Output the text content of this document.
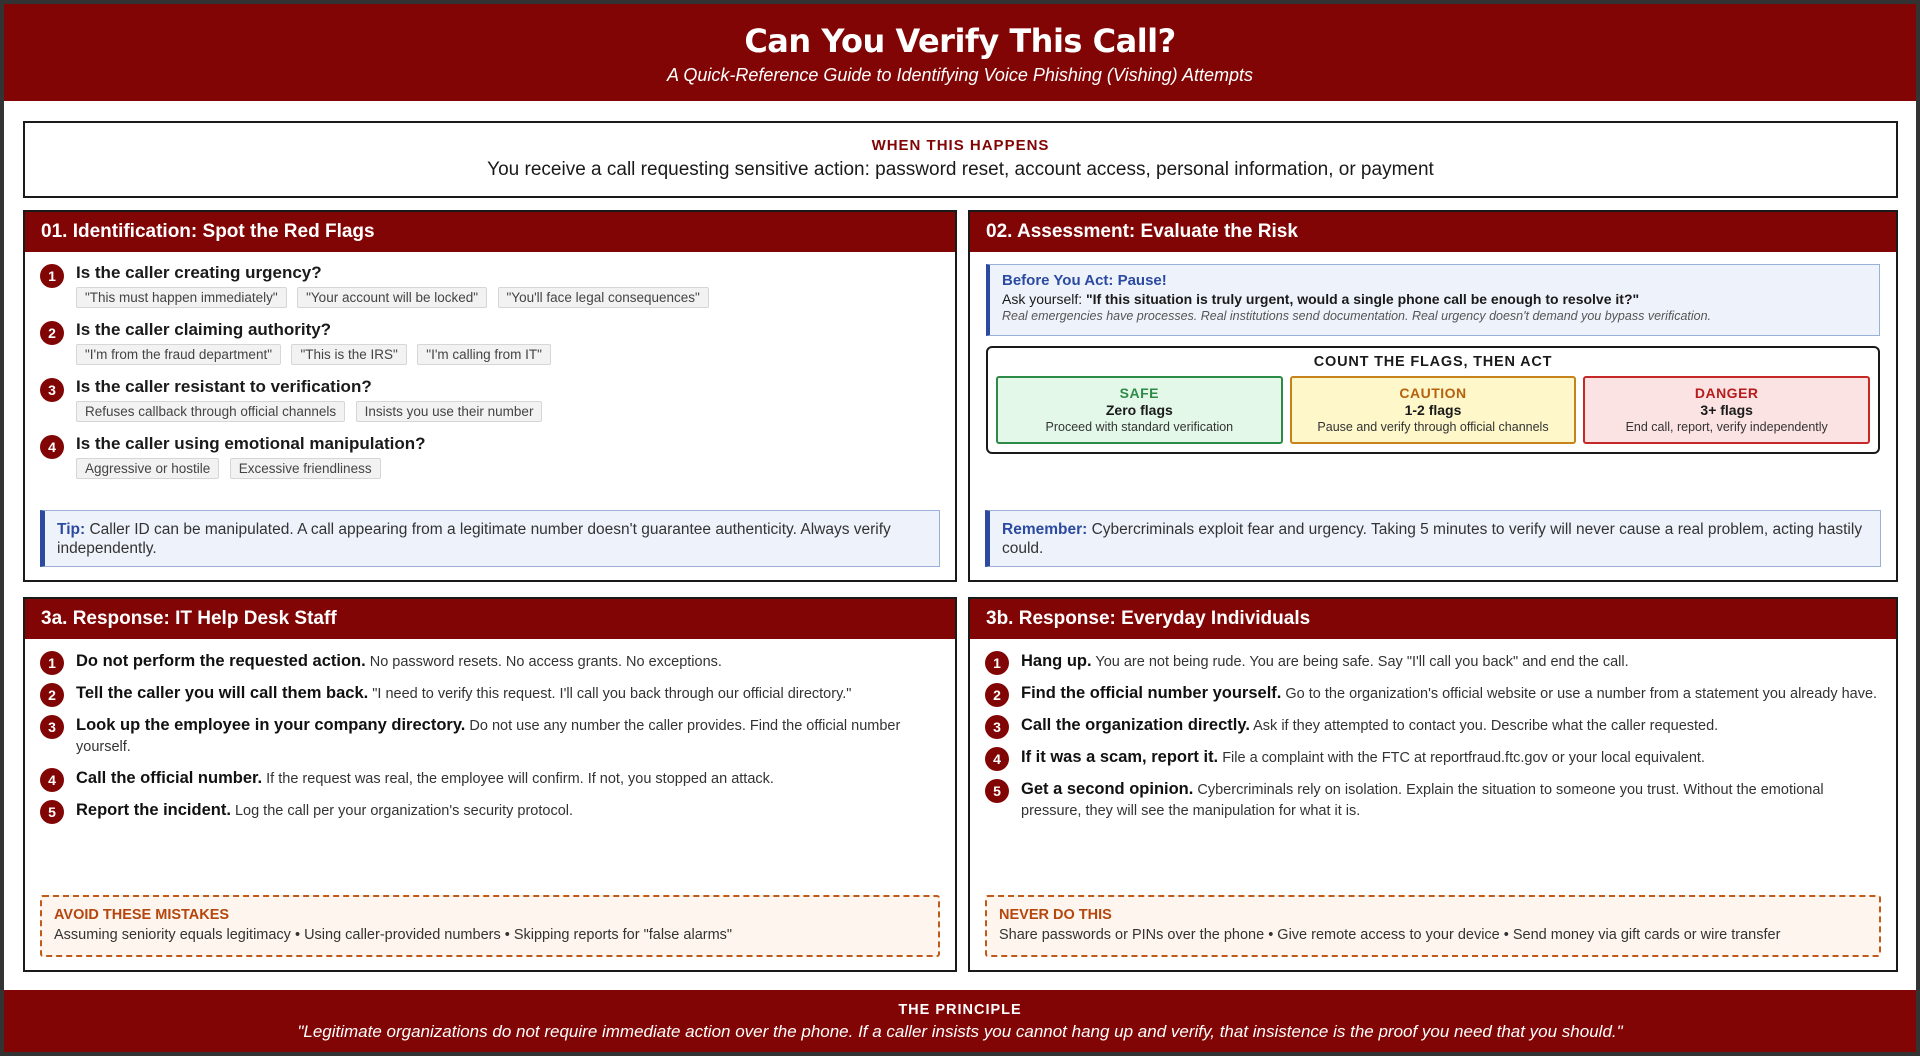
Can You Verify This Call?
A Quick-Reference Guide to Identifying Voice Phishing (Vishing) Attempts
WHEN THIS HAPPENS
You receive a call requesting sensitive action: password reset, account access, personal information, or payment
01. Identification: Spot the Red Flags
1	Is the caller creating urgency?
"This must happen immediately" "Your account will be locked" "You'll face legal consequences"
2	Is the caller claiming authority?
"I'm from the fraud department" "This is the IRS" "I'm calling from IT"
3	Is the caller resistant to verification?
Refuses callback through official channels Insists you use their number
4	Is the caller using emotional manipulation?
Aggressive or hostile Excessive friendliness
Tip: Caller ID can be manipulated. A call appearing from a legitimate number doesn't guarantee authenticity. Always verify independently.
02. Assessment: Evaluate the Risk
Before You Act: Pause!
Ask yourself: "If this situation is truly urgent, would a single phone call be enough to resolve it?"
Real emergencies have processes. Real institutions send documentation. Real urgency doesn't demand you bypass verification.
COUNT THE FLAGS, THEN ACT
SAFE
Zero flags
Proceed with standard verification
CAUTION
1-2 flags
Pause and verify through official channels
DANGER
3+ flags
End call, report, verify independently
Remember: Cybercriminals exploit fear and urgency. Taking 5 minutes to verify will never cause a real problem, acting hastily could.
3a. Response: IT Help Desk Staff
1	Do not perform the requested action. No password resets. No access grants. No exceptions.
2	Tell the caller you will call them back. "I need to verify this request. I'll call you back through our official directory."
3	Look up the employee in your company directory. Do not use any number the caller provides. Find the official number yourself.
4	Call the official number. If the request was real, the employee will confirm. If not, you stopped an attack.
5	Report the incident. Log the call per your organization's security protocol.
AVOID THESE MISTAKES
Assuming seniority equals legitimacy • Using caller-provided numbers • Skipping reports for "false alarms"
3b. Response: Everyday Individuals
1	Hang up. You are not being rude. You are being safe. Say "I'll call you back" and end the call.
2	Find the official number yourself. Go to the organization's official website or use a number from a statement you already have.
3	Call the organization directly. Ask if they attempted to contact you. Describe what the caller requested.
4	If it was a scam, report it. File a complaint with the FTC at reportfraud.ftc.gov or your local equivalent.
5	Get a second opinion. Cybercriminals rely on isolation. Explain the situation to someone you trust. Without the emotional pressure, they will see the manipulation for what it is.
NEVER DO THIS
Share passwords or PINs over the phone • Give remote access to your device • Send money via gift cards or wire transfer
THE PRINCIPLE
"Legitimate organizations do not require immediate action over the phone. If a caller insists you cannot hang up and verify, that insistence is the proof you need that you should."
